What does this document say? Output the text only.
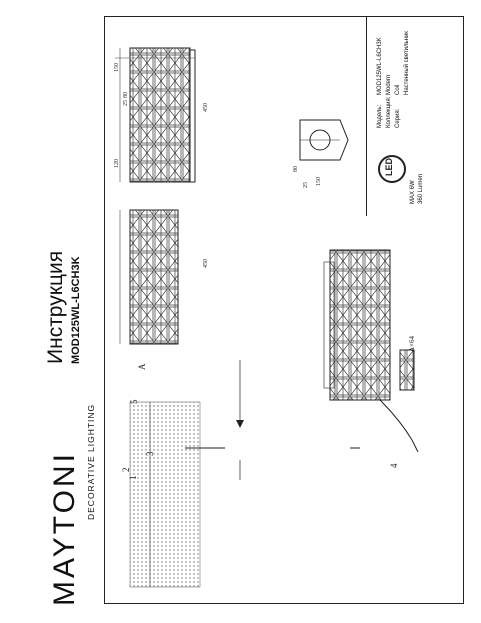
MAYTONI DECORATIVE LIGHTING
Инструкция MOD125WL-L6CH3K
Модель:
MOD125WL-L6CH3K
Коллекция:
Modern
Серия:
Coil Настенный светильник
LED
MAX 6W 360 Lumen
150
80
25	450
120
450
80
25 150
1
2
3
4
5
A
A×64
